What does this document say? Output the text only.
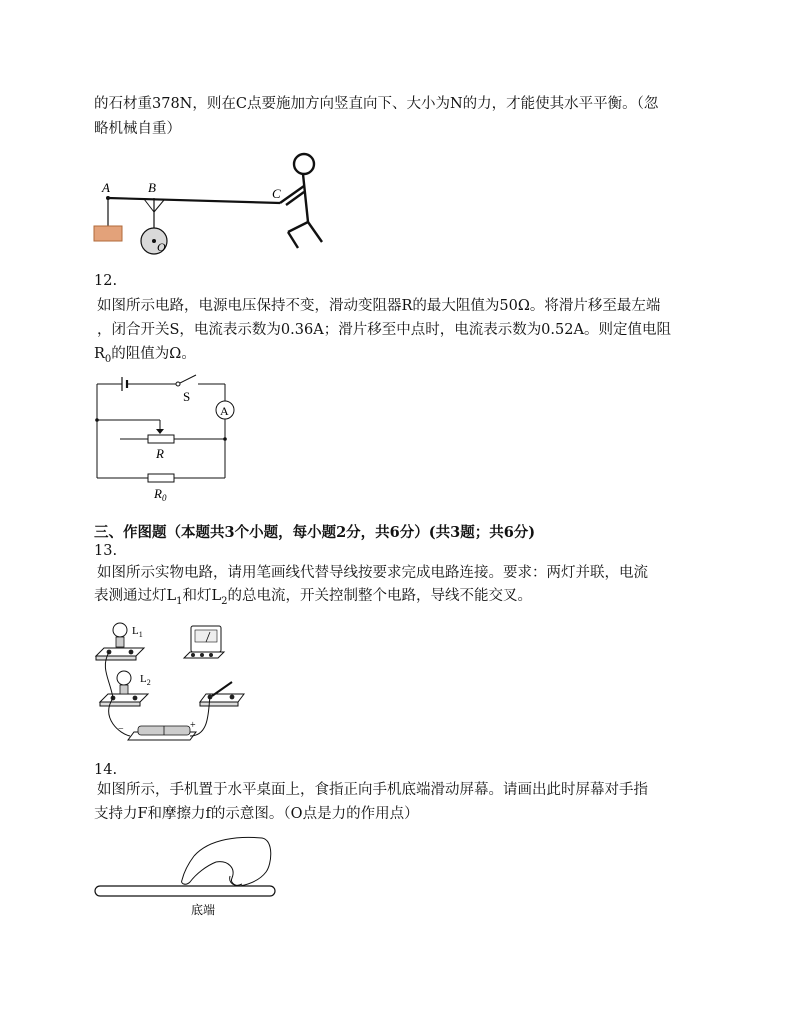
的石材重378N，则在C点要施加方向竖直向下、大小为N的力，才能使其水平平衡。（忽
略机械自重）
A	B	C
O
12.
如图所示电路，电源电压保持不变，滑动变阻器R的最大阻值为50Ω。将滑片移至最左端
，闭合开关S，电流表示数为0.36A；滑片移至中点时，电流表示数为0.52A。则定值电阻
$R_0$的阻值为Ω。
S
A
R
$R_0$
三、作图题（本题共3个小题，每小题2分，共6分）(共3题；共6分)
13.
如图所示实物电路，请用笔画线代替导线按要求完成电路连接。要求：两灯并联，电流
表测通过灯$L_1$和灯$L_2$的总电流，开关控制整个电路，导线不能交叉。
$L_1$
$L_2$
−	+
14.
如图所示，手机置于水平桌面上，食指正向手机底端滑动屏幕。请画出此时屏幕对手指
支持力F和摩擦力f的示意图。（O点是力的作用点）
底端
